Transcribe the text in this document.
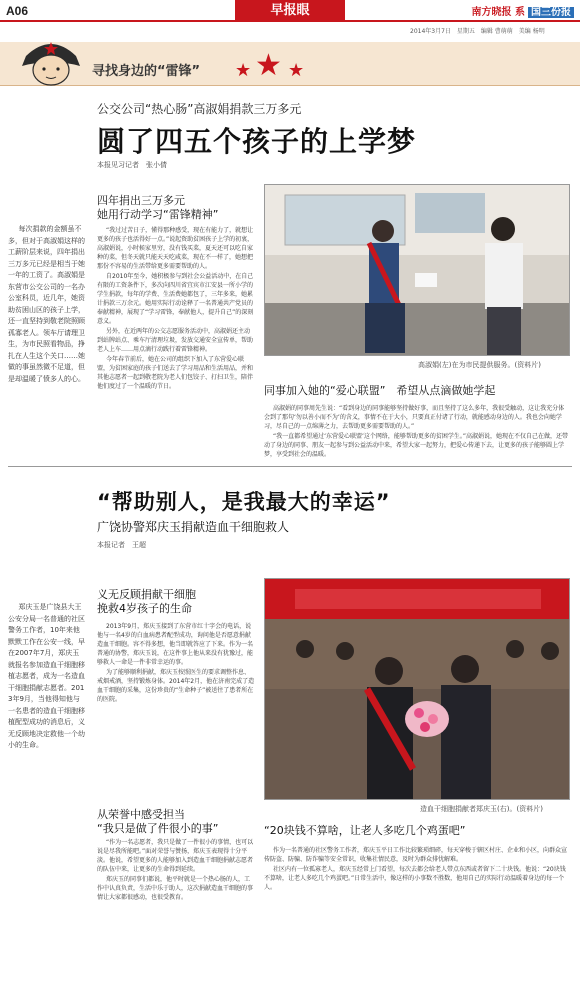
A06	早报眼	南方晓报 系 国三份报
2014年3月7日　星期五　编辑 曹萌萌　美编 杨明
寻找身边的“雷锋” ★ ★ ★

每次捐款的金额虽不多，但对于高淑娟这样的工薪阶层来说，四年捐出三万多元已经是相当于她一年的工资了。高淑娟是东营市公交公司的一名办公室科员，近几年，她资助贫困山区的孩子上学，还一直坚持到敬老院照顾孤寡老人。领车厅请理卫生，为市民照看物品，挣扎在人生这个关口……她做的事虽然微不足道，但是却温暖了愤多人的心。

公交公司“热心肠”高淑娟捐款三万多元
圆了四五个孩子的上学梦
本报见习记者　张小倩
四年捐出三万多元
她用行动学习“雷锋精神”

“我过过苦日子，懂得那种感受，现在有能力了，就想让更多的孩子也活得好一点。”说起资助贫困孩子上学的初衷，高淑娟说，小时候家里穷，没有钱买菜，夏天还可以吃自家种的菜，但冬天就只能天天吃咸菜，现在不一样了，她想把那份不容易的生活带给更多需要帮助的人。

自2010年至今，她积极参与到社会公益活动中，在自己有限的工资条件下，多次向四川省宜宾市江安县一所小学的学生捐款，每年的学费、生活费她都包了，三年多来，她累计捐款三万余元。她用实际行动诠释了一名普通共产党员的奉献精神，展现了“学习雷锋，奉献他人，提升自己”的深刻意义。

另外，在近两年的公交志愿服务活动中，高淑娟还主动到站牌站点、乘车厅清理垃圾，发放交通安全宣传单，帮助老人上车……用点滴行动践行着雷锋精神。

今年春节前后，她在公司的组织下加入了东营爱心联盟，为贫困家庭的孩子们送去了学习用品和生活用品，并和其他志愿者一起到敬老院为老人们包饺子、打扫卫生，陪伴他们度过了一个温暖的节日。

高淑娟(左)在为市民提供服务。(资料片)
同事加入她的“爱心联盟”　希望从点滴做她学起

高淑娟的同事周先生说：“看到身边的同事能够坚持做好事，而且坚持了这么多年，我很受触动，这让我充分体会到了那句‘勿以善小而不为’的含义，事情不在于大小，只要真正付诸了行动，就能感动身边的人。我也会向她学习，尽自己的一点绵薄之力，去帮助更多需要帮助的人。”

“我一直都希望通过‘东营爱心联盟’这个网络，能够帮助更多的贫困学生。”高淑娟说，她现在不仅自己在做，还带动了身边的同事、朋友一起参与到公益活动中来，希望大家一起努力，把爱心传递下去，让更多的孩子能够圆上学梦，享受到社会的温暖。

“帮助别人，是我最大的幸运”
广饶协警郑庆玉捐献造血干细胞救人
本报记者　王超

郑庆玉是广饶县大王公安分局一名普通的社区警务工作者，10年来他默默工作在公安一线，早在2007年7月，郑庆玉就报名参加造血干细胞移植志愿者，成为一名造血干细胞捐献志愿者。2013年9月，当他得知他与一名患者的造血干细胞移植配型成功的消息后，义无反顾地决定救他一个幼小的生命。

义无反顾捐献干细胞
挽救4岁孩子的生命

2013年9月，郑庆玉接到了东营市红十字会的电话，说他与一名4岁的白血病患者配型成功，询问他是否愿意捐献造血干细胞。容不得多想，他当即就答应了下来。作为一名普通的协警，郑庆玉说，在这件事上他从来没有犹豫过，能够救人一命是一件非常幸运的事。

为了能够顺利捐献，郑庆玉按照医生的要求调整作息、戒烟戒酒，坚持锻炼身体。2014年2月，他在济南完成了造血干细胞的采集，这份珍贵的“生命种子”被送往了患者所在的医院。

从荣誉中感受担当
“我只是做了件很小的事”

“作为一名志愿者，我只是做了一件很小的事情，也可以说是尽我所能吧。”面对荣誉与赞扬，郑庆玉表现得十分平淡。他说，希望更多的人能够加入到造血干细胞捐献志愿者的队伍中来，让更多的生命得到延续。

郑庆玉的同事们都说，他平时就是一个热心肠的人，工作中认真负责，生活中乐于助人，这次捐献造血干细胞的事情让大家都很感动，也很受教育。

造血干细胞捐献者郑庆玉(右)。(资料片)
“20块钱不算啥，让老人多吃几个鸡蛋吧”

作为一名普通的社区警务工作者，郑庆玉平日工作比较繁琐细碎，每天穿梭于辖区村庄、企业和小区，向群众宣传防盗、防骗、防诈骗等安全常识，收集社情民意，及时为群众排忧解难。

社区内有一位孤寡老人，郑庆玉经常上门看望，每次去都会给老人带点东西或者留下二十块钱。他说：“20块钱不算啥，让老人多吃几个鸡蛋吧。”日常生活中，像这样的小事数不胜数，他用自己的实际行动温暖着身边的每一个人。
